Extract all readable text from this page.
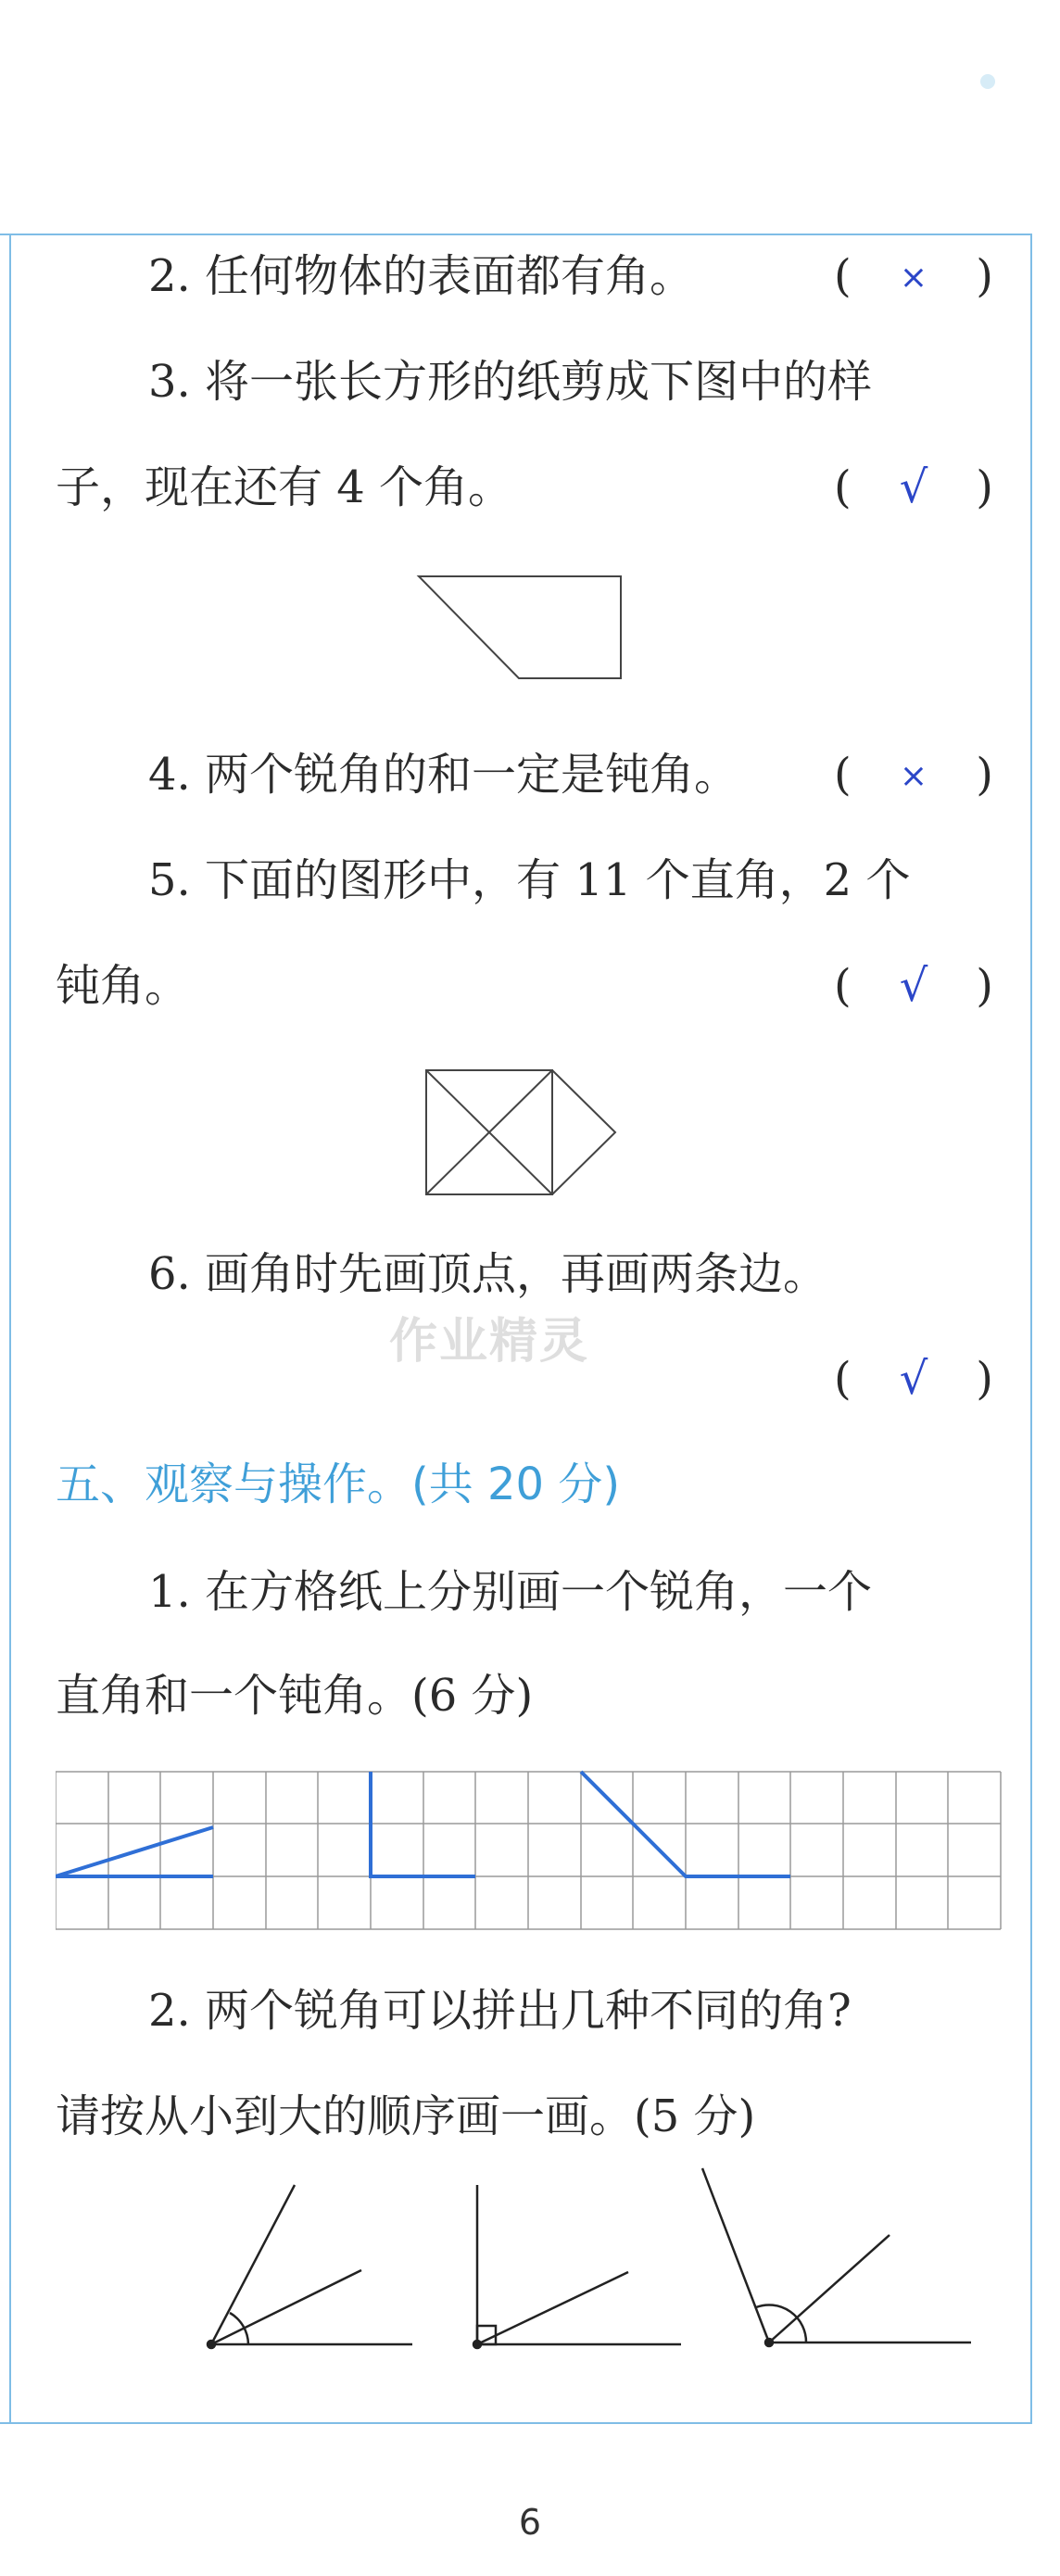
2. 任何物体的表面都有角。	(	×	)
3. 将一张长方形的纸剪成下图中的样
子，现在还有 4 个角。	(	√	)
4. 两个锐角的和一定是钝角。 (	×	)
5. 下面的图形中，有 11 个直角，2 个
钝角。	(	√	)
6. 画角时先画顶点，再画两条边。
作业精灵
(	√	)
五、观察与操作。(共 20 分)
1. 在方格纸上分别画一个锐角，一个
直角和一个钝角。(6 分)
2. 两个锐角可以拼出几种不同的角?
请按从小到大的顺序画一画。(5 分)
6
